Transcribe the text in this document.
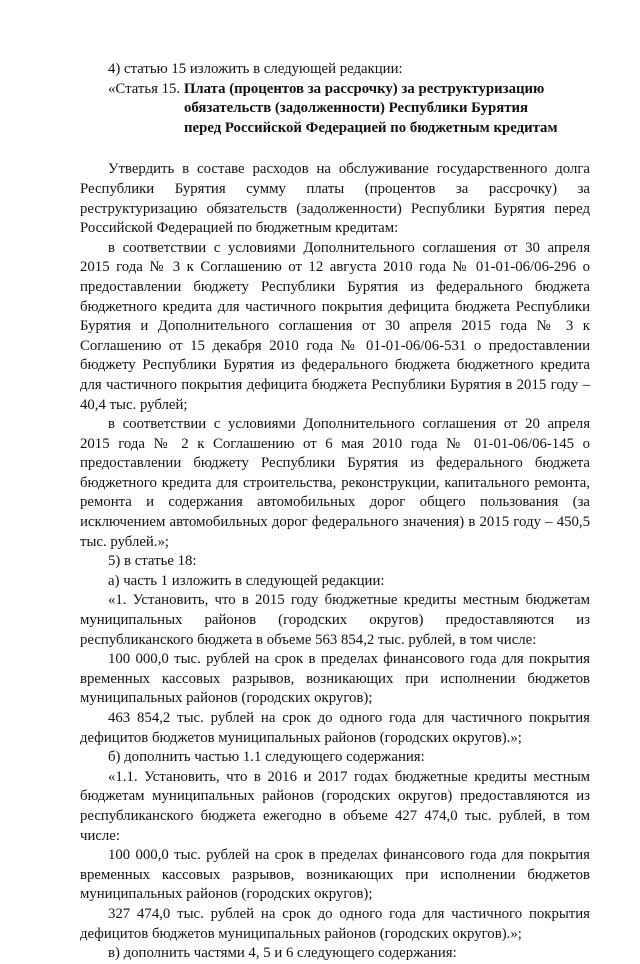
4) статью 15 изложить в следующей редакции:

«Статья 15. Плата (процентов за рассрочку) за реструктуризацию

обязательств (задолженности) Республики Бурятия

перед Российской Федерацией по бюджетным кредитам

Утвердить в составе расходов на обслуживание государственного долга Республики Бурятия сумму платы (процентов за рассрочку) за реструктуризацию обязательств (задолженности) Республики Бурятия перед Российской Федерацией по бюджетным кредитам:

в соответствии с условиями Дополнительного соглашения от 30 апреля 2015 года № 3 к Соглашению от 12 августа 2010 года № 01-01-06/06-296 о предоставлении бюджету Республики Бурятия из федерального бюджета бюджетного кредита для частичного покрытия дефицита бюджета Республики Бурятия и Дополнительного соглашения от 30 апреля 2015 года № 3 к Соглашению от 15 декабря 2010 года № 01-01-06/06-531 о предоставлении бюджету Республики Бурятия из федерального бюджета бюджетного кредита для частичного покрытия дефицита бюджета Республики Бурятия в 2015 году – 40,4 тыс. рублей;

в соответствии с условиями Дополнительного соглашения от 20 апреля 2015 года № 2 к Соглашению от 6 мая 2010 года № 01-01-06/06-145 о предоставлении бюджету Республики Бурятия из федерального бюджета бюджетного кредита для строительства, реконструкции, капитального ремонта, ремонта и содержания автомобильных дорог общего пользования (за исключением автомобильных дорог федерального значения) в 2015 году – 450,5 тыс. рублей.»;

5) в статье 18:

а) часть 1 изложить в следующей редакции:

«1. Установить, что в 2015 году бюджетные кредиты местным бюджетам муниципальных районов (городских округов) предоставляются из республиканского бюджета в объеме 563 854,2 тыс. рублей, в том числе:

100 000,0 тыс. рублей на срок в пределах финансового года для покрытия временных кассовых разрывов, возникающих при исполнении бюджетов муниципальных районов (городских округов);

463 854,2 тыс. рублей на срок до одного года для частичного покрытия дефицитов бюджетов муниципальных районов (городских округов).»;

б) дополнить частью 1.1 следующего содержания:

«1.1. Установить, что в 2016 и 2017 годах бюджетные кредиты местным бюджетам муниципальных районов (городских округов) предоставляются из республиканского бюджета ежегодно в объеме 427 474,0 тыс. рублей, в том числе:

100 000,0 тыс. рублей на срок в пределах финансового года для покрытия временных кассовых разрывов, возникающих при исполнении бюджетов муниципальных районов (городских округов);

327 474,0 тыс. рублей на срок до одного года для частичного покрытия дефицитов бюджетов муниципальных районов (городских округов).»;

в) дополнить частями 4, 5 и 6 следующего содержания:
